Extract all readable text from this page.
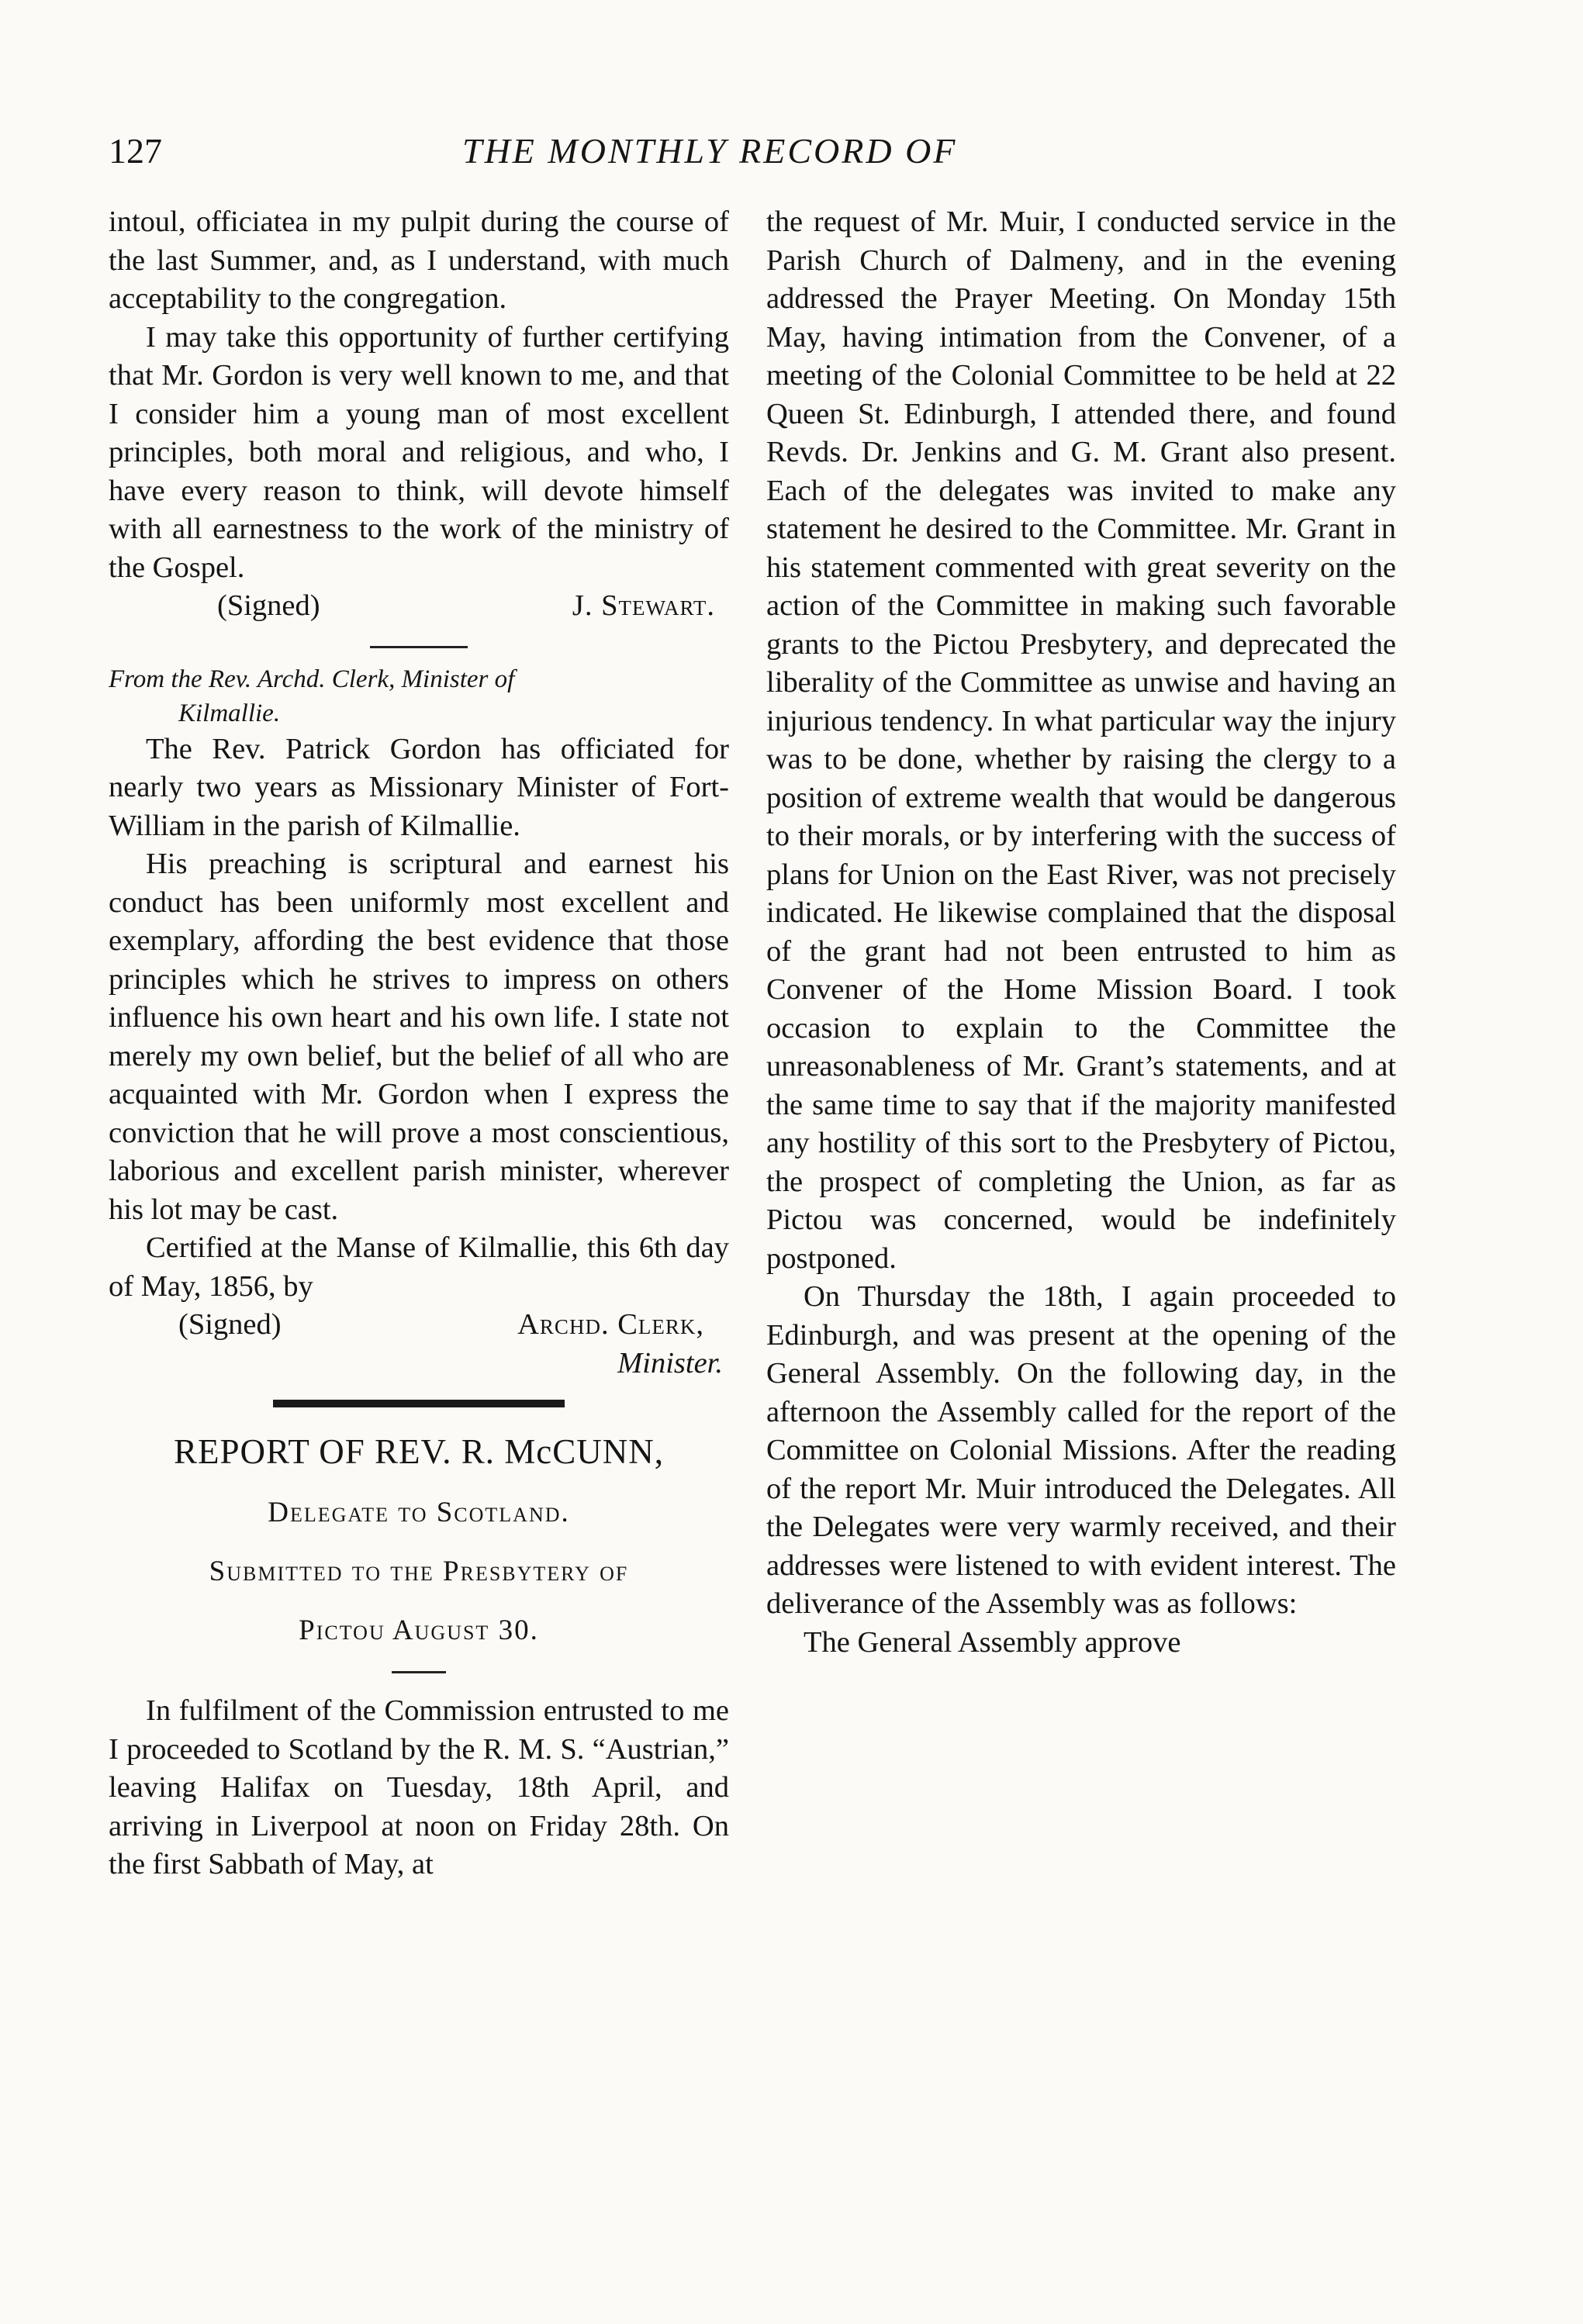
127	THE MONTHLY RECORD OF

intoul, officiatea in my pulpit during the course of the last Summer, and, as I understand, with much acceptability to the congregation.

I may take this opportunity of further certifying that Mr. Gordon is very well known to me, and that I consider him a young man of most excellent principles, both moral and religious, and who, I have every reason to think, will devote himself with all earnestness to the work of the ministry of the Gospel.

(Signed)	J. Stewart.

From the Rev. Archd. Clerk, Minister of
Kilmallie.

The Rev. Patrick Gordon has officiated for nearly two years as Missionary Minister of Fort-William in the parish of Kilmallie.

His preaching is scriptural and earnest his conduct has been uniformly most excellent and exemplary, affording the best evidence that those principles which he strives to impress on others influence his own heart and his own life. I state not merely my own belief, but the belief of all who are acquainted with Mr. Gordon when I express the conviction that he will prove a most conscientious, laborious and excellent parish minister, wherever his lot may be cast.

Certified at the Manse of Kilmallie, this 6th day of May, 1856, by

(Signed)	Archd. Clerk,
Minister.
REPORT OF REV. R. McCUNN,
Delegate to Scotland.
Submitted to the Presbytery of
Pictou August 30.

In fulfilment of the Commission entrusted to me I proceeded to Scotland by the R. M. S. “Austrian,” leaving Halifax on Tuesday, 18th April, and arriving in Liverpool at noon on Friday 28th. On the first Sabbath of May, at

the request of Mr. Muir, I conducted service in the Parish Church of Dalmeny, and in the evening addressed the Prayer Meeting. On Monday 15th May, having intimation from the Convener, of a meeting of the Colonial Committee to be held at 22 Queen St. Edinburgh, I attended there, and found Revds. Dr. Jenkins and G. M. Grant also present. Each of the delegates was invited to make any statement he desired to the Committee. Mr. Grant in his statement commented with great severity on the action of the Committee in making such favorable grants to the Pictou Presbytery, and deprecated the liberality of the Committee as unwise and having an injurious tendency. In what particular way the injury was to be done, whether by raising the clergy to a position of extreme wealth that would be dangerous to their morals, or by interfering with the success of plans for Union on the East River, was not precisely indicated. He likewise complained that the disposal of the grant had not been entrusted to him as Convener of the Home Mission Board. I took occasion to explain to the Committee the unreasonableness of Mr. Grant’s statements, and at the same time to say that if the majority manifested any hostility of this sort to the Presbytery of Pictou, the prospect of completing the Union, as far as Pictou was concerned, would be indefinitely postponed.

On Thursday the 18th, I again proceeded to Edinburgh, and was present at the opening of the General Assembly. On the following day, in the afternoon the Assembly called for the report of the Committee on Colonial Missions. After the reading of the report Mr. Muir introduced the Delegates. All the Delegates were very warmly received, and their addresses were listened to with evident interest. The deliverance of the Assembly was as follows:

The General Assembly approve
